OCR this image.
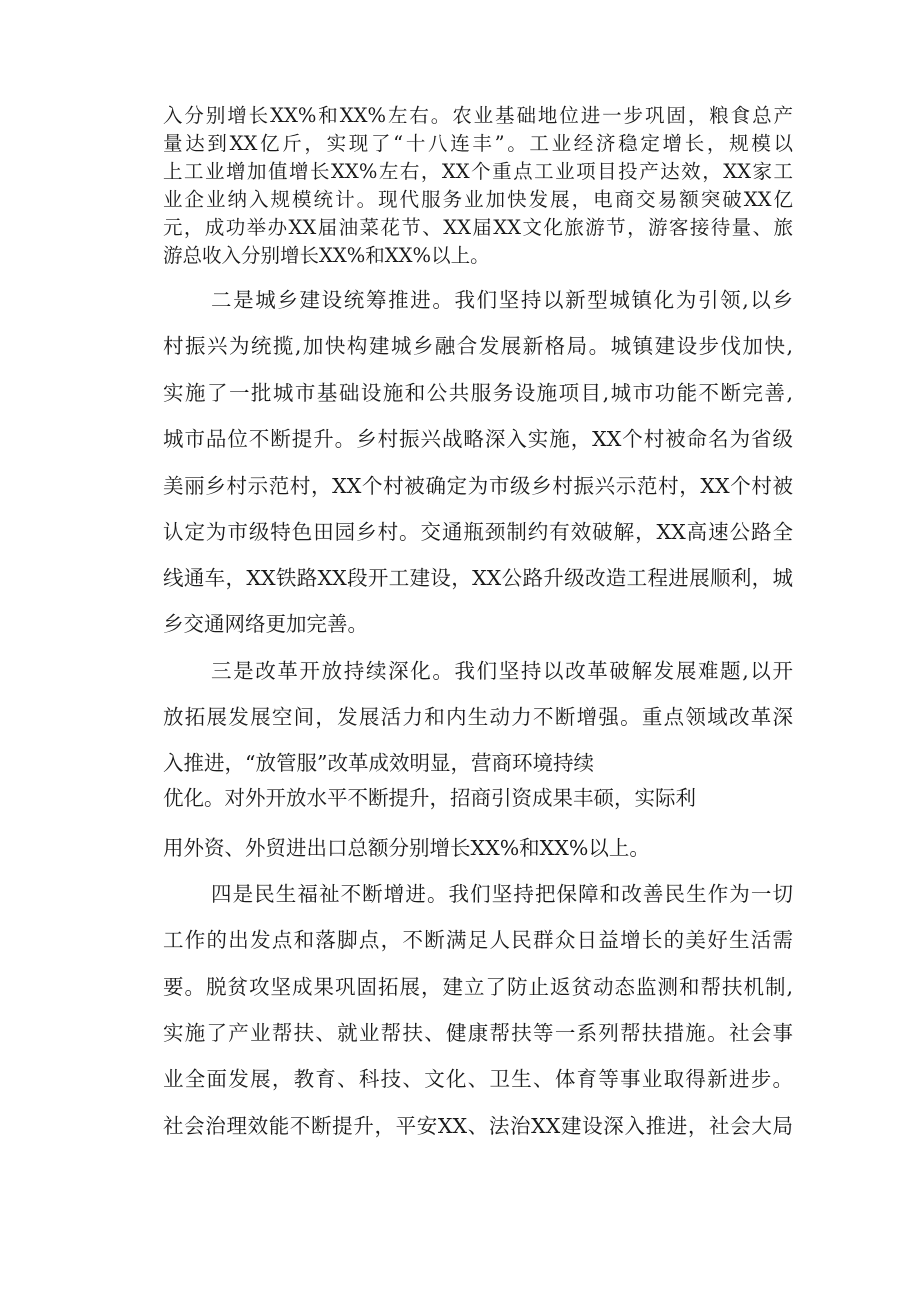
入分别增长XX%和XX%左右。农业基础地位进一步巩固，粮食总产
量达到XX亿斤，实现了“十八连丰”。工业经济稳定增长，规模以
上工业增加值增长XX%左右，XX个重点工业项目投产达效，XX家工
业企业纳入规模统计。现代服务业加快发展，电商交易额突破XX亿
元，成功举办XX届油菜花节、XX届XX文化旅游节，游客接待量、旅
游总收入分别增长XX%和XX%以上。
二是城乡建设统筹推进。我们坚持以新型城镇化为引领,以乡
村振兴为统揽,加快构建城乡融合发展新格局。城镇建设步伐加快,
实施了一批城市基础设施和公共服务设施项目,城市功能不断完善,
城市品位不断提升。乡村振兴战略深入实施，XX个村被命名为省级
美丽乡村示范村，XX个村被确定为市级乡村振兴示范村，XX个村被
认定为市级特色田园乡村。交通瓶颈制约有效破解，XX高速公路全
线通车，XX铁路XX段开工建设，XX公路升级改造工程进展顺利，城
乡交通网络更加完善。
三是改革开放持续深化。我们坚持以改革破解发展难题,以开
放拓展发展空间，发展活力和内生动力不断增强。重点领域改革深
入推进，“放管服”改革成效明显，营商环境持续
优化。对外开放水平不断提升，招商引资成果丰硕，实际利
用外资、外贸进出口总额分别增长XX%和XX%以上。
四是民生福祉不断增进。我们坚持把保障和改善民生作为一切
工作的出发点和落脚点，不断满足人民群众日益增长的美好生活需
要。脱贫攻坚成果巩固拓展，建立了防止返贫动态监测和帮扶机制,
实施了产业帮扶、就业帮扶、健康帮扶等一系列帮扶措施。社会事
业全面发展，教育、科技、文化、卫生、体育等事业取得新进步。
社会治理效能不断提升，平安XX、法治XX建设深入推进，社会大局
